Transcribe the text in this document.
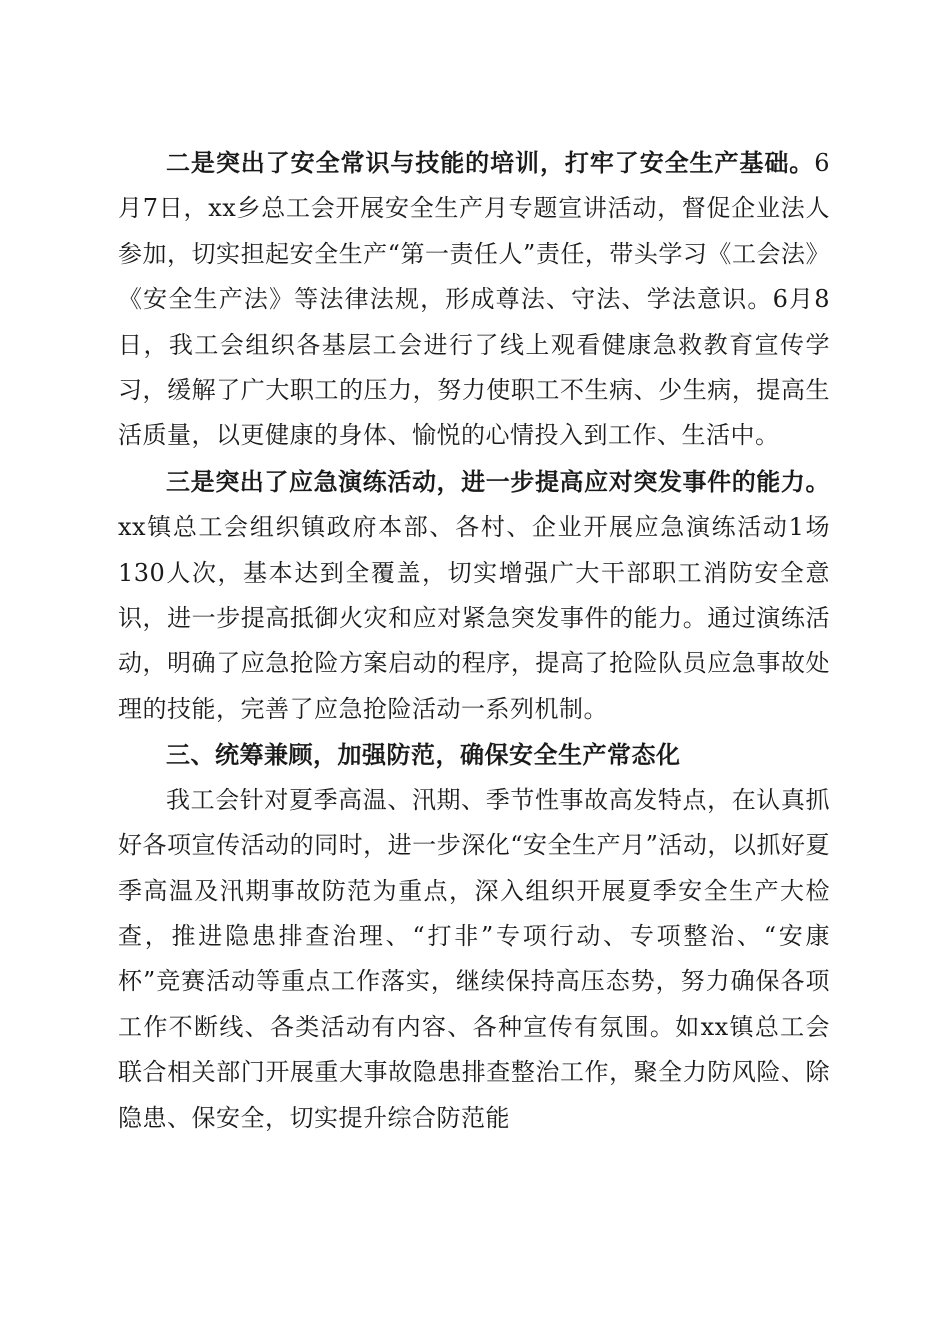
二是突出了安全常识与技能的培训，打牢了安全生产基础。6月7日，xx乡总工会开展安全生产月专题宣讲活动，督促企业法人参加，切实担起安全生产“第一责任人”责任，带头学习《工会法》《安全生产法》等法律法规，形成尊法、守法、学法意识。6月8日，我工会组织各基层工会进行了线上观看健康急救教育宣传学习，缓解了广大职工的压力，努力使职工不生病、少生病，提高生活质量，以更健康的身体、愉悦的心情投入到工作、生活中。

三是突出了应急演练活动，进一步提高应对突发事件的能力。xx镇总工会组织镇政府本部、各村、企业开展应急演练活动1场130人次，基本达到全覆盖，切实增强广大干部职工消防安全意识，进一步提高抵御火灾和应对紧急突发事件的能力。通过演练活动，明确了应急抢险方案启动的程序，提高了抢险队员应急事故处理的技能，完善了应急抢险活动一系列机制。

三、统筹兼顾，加强防范，确保安全生产常态化

我工会针对夏季高温、汛期、季节性事故高发特点，在认真抓好各项宣传活动的同时，进一步深化“安全生产月”活动，以抓好夏季高温及汛期事故防范为重点，深入组织开展夏季安全生产大检查，推进隐患排查治理、“打非”专项行动、专项整治、“安康杯”竞赛活动等重点工作落实，继续保持高压态势，努力确保各项工作不断线、各类活动有内容、各种宣传有氛围。如xx镇总工会联合相关部门开展重大事故隐患排查整治工作，聚全力防风险、除隐患、保安全，切实提升综合防范能
